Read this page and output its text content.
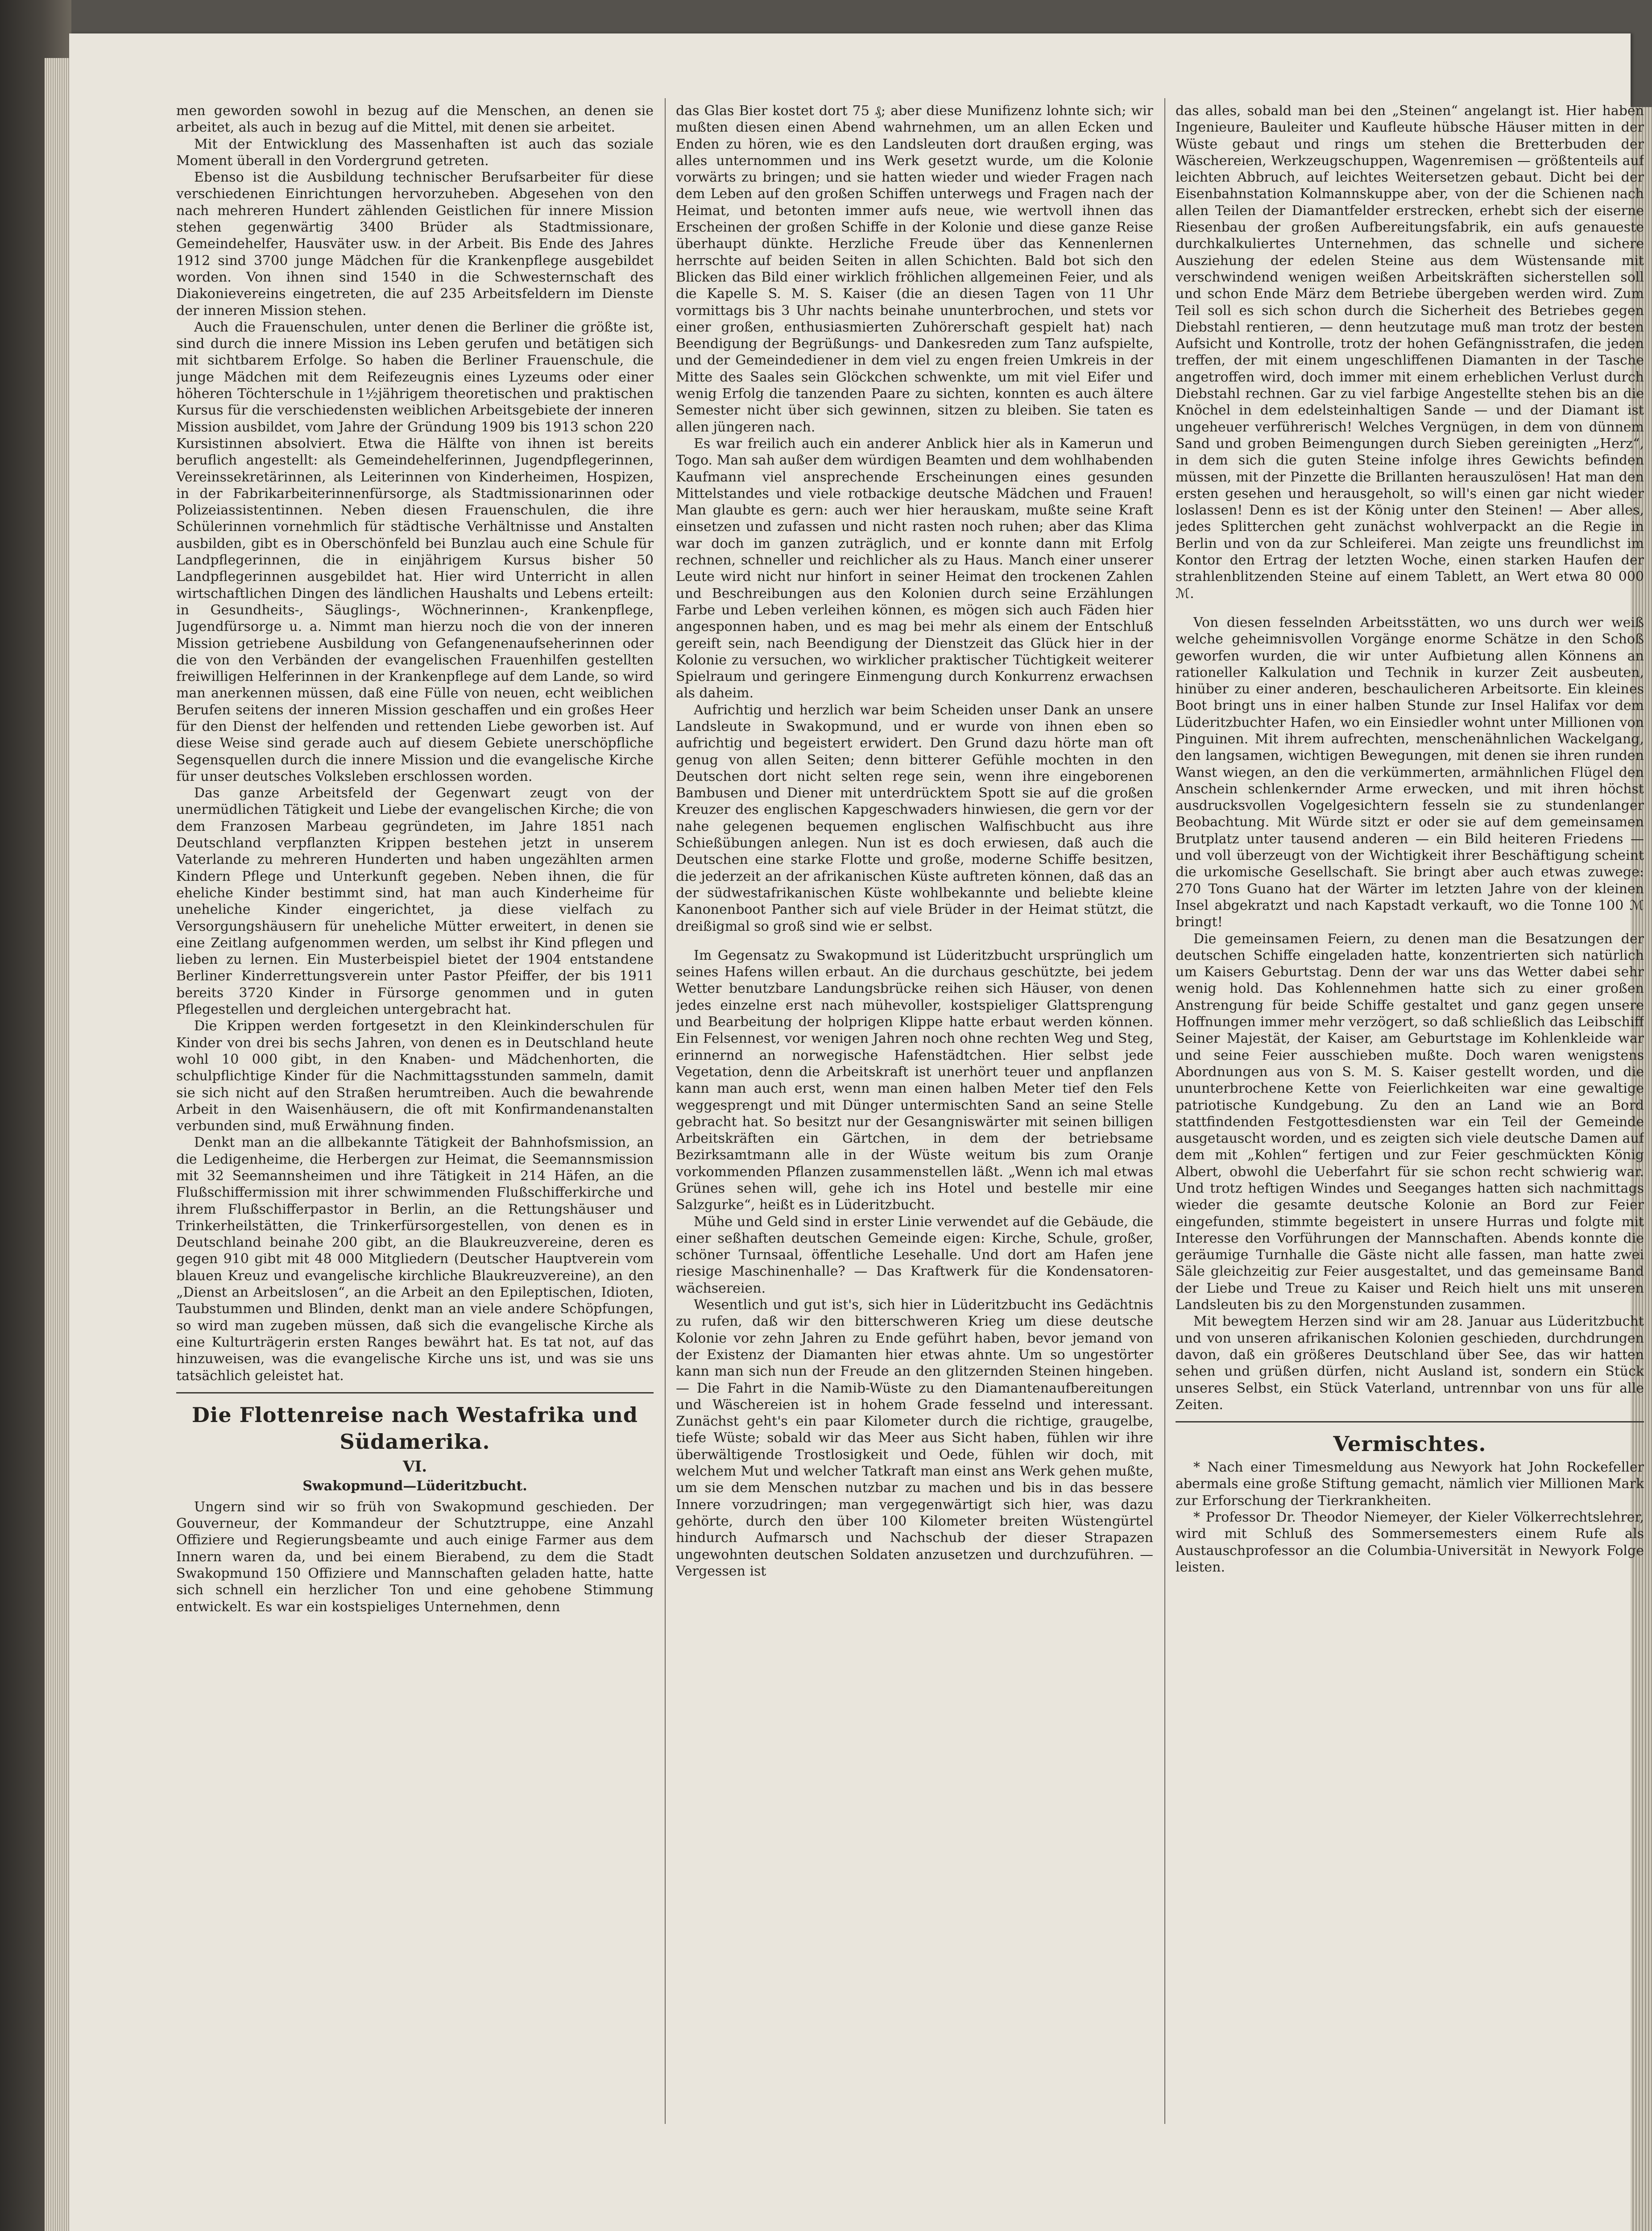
men geworden sowohl in bezug auf die Menschen, an denen sie arbeitet, als auch in bezug auf die Mittel, mit denen sie arbeitet.

Mit der Entwicklung des Massenhaften ist auch das soziale Moment überall in den Vordergrund getreten.

Ebenso ist die Ausbildung technischer Berufsarbeiter für diese verschiedenen Einrichtungen hervorzuheben. Abgesehen von den nach mehreren Hundert zählenden Geistlichen für innere Mission stehen gegenwärtig 3400 Brüder als Stadtmissionare, Gemeindehelfer, Hausväter usw. in der Arbeit. Bis Ende des Jahres 1912 sind 3700 junge Mädchen für die Krankenpflege ausgebildet worden. Von ihnen sind 1540 in die Schwesternschaft des Diakonievereins eingetreten, die auf 235 Arbeitsfeldern im Dienste der inneren Mission stehen.

Auch die Frauenschulen, unter denen die Berliner die größte ist, sind durch die innere Mission ins Leben gerufen und betätigen sich mit sichtbarem Erfolge. So haben die Berliner Frauenschule, die junge Mädchen mit dem Reifezeugnis eines Lyzeums oder einer höheren Töchterschule in 1½jährigem theoretischen und praktischen Kursus für die verschiedensten weiblichen Arbeitsgebiete der inneren Mission ausbildet, vom Jahre der Gründung 1909 bis 1913 schon 220 Kursistinnen absolviert. Etwa die Hälfte von ihnen ist bereits beruflich angestellt: als Gemeindehelferinnen, Jugendpflegerinnen, Vereinssekretärinnen, als Leiterinnen von Kinderheimen, Hospizen, in der Fabrikarbeiterinnenfürsorge, als Stadtmissionarinnen oder Polizeiassistentinnen. Neben diesen Frauenschulen, die ihre Schülerinnen vornehmlich für städtische Verhältnisse und Anstalten ausbilden, gibt es in Oberschönfeld bei Bunzlau auch eine Schule für Landpflegerinnen, die in einjährigem Kursus bisher 50 Landpflegerinnen ausgebildet hat. Hier wird Unterricht in allen wirtschaftlichen Dingen des ländlichen Haushalts und Lebens erteilt: in Gesundheits-, Säuglings-, Wöchnerinnen-, Krankenpflege, Jugendfürsorge u. a. Nimmt man hierzu noch die von der inneren Mission getriebene Ausbildung von Gefangenenaufseherinnen oder die von den Verbänden der evangelischen Frauenhilfen gestellten freiwilligen Helferinnen in der Krankenpflege auf dem Lande, so wird man anerkennen müssen, daß eine Fülle von neuen, echt weiblichen Berufen seitens der inneren Mission geschaffen und ein großes Heer für den Dienst der helfenden und rettenden Liebe geworben ist. Auf diese Weise sind gerade auch auf diesem Gebiete unerschöpfliche Segensquellen durch die innere Mission und die evangelische Kirche für unser deutsches Volksleben erschlossen worden.

Das ganze Arbeitsfeld der Gegenwart zeugt von der unermüdlichen Tätigkeit und Liebe der evangelischen Kirche; die von dem Franzosen Marbeau gegründeten, im Jahre 1851 nach Deutschland verpflanzten Krippen bestehen jetzt in unserem Vaterlande zu mehreren Hunderten und haben ungezählten armen Kindern Pflege und Unterkunft gegeben. Neben ihnen, die für eheliche Kinder bestimmt sind, hat man auch Kinderheime für uneheliche Kinder eingerichtet, ja diese vielfach zu Versorgungshäusern für uneheliche Mütter erweitert, in denen sie eine Zeitlang aufgenommen werden, um selbst ihr Kind pflegen und lieben zu lernen. Ein Musterbeispiel bietet der 1904 entstandene Berliner Kinderrettungsverein unter Pastor Pfeiffer, der bis 1911 bereits 3720 Kinder in Fürsorge genommen und in guten Pflegestellen und dergleichen untergebracht hat.

Die Krippen werden fortgesetzt in den Kleinkinderschulen für Kinder von drei bis sechs Jahren, von denen es in Deutschland heute wohl 10 000 gibt, in den Knaben- und Mädchenhorten, die schulpflichtige Kinder für die Nachmittagsstunden sammeln, damit sie sich nicht auf den Straßen herumtreiben. Auch die bewahrende Arbeit in den Waisenhäusern, die oft mit Konfirmandenanstalten verbunden sind, muß Erwähnung finden.

Denkt man an die allbekannte Tätigkeit der Bahnhofsmission, an die Ledigenheime, die Herbergen zur Heimat, die Seemannsmission mit 32 Seemannsheimen und ihre Tätigkeit in 214 Häfen, an die Flußschiffermission mit ihrer schwimmenden Flußschifferkirche und ihrem Flußschifferpastor in Berlin, an die Rettungshäuser und Trinkerheilstätten, die Trinkerfürsorgestellen, von denen es in Deutschland beinahe 200 gibt, an die Blaukreuzvereine, deren es gegen 910 gibt mit 48 000 Mitgliedern (Deutscher Hauptverein vom blauen Kreuz und evangelische kirchliche Blaukreuzvereine), an den „Dienst an Arbeitslosen“, an die Arbeit an den Epileptischen, Idioten, Taubstummen und Blinden, denkt man an viele andere Schöpfungen, so wird man zugeben müssen, daß sich die evangelische Kirche als eine Kulturträgerin ersten Ranges bewährt hat. Es tat not, auf das hinzuweisen, was die evangelische Kirche uns ist, und was sie uns tatsächlich geleistet hat.

Die Flottenreise nach Westafrika und Südamerika.
VI.
Swakopmund—Lüderitzbucht.

Ungern sind wir so früh von Swakopmund geschieden. Der Gouverneur, der Kommandeur der Schutztruppe, eine Anzahl Offiziere und Regierungsbeamte und auch einige Farmer aus dem Innern waren da, und bei einem Bierabend, zu dem die Stadt Swakopmund 150 Offiziere und Mannschaften geladen hatte, hatte sich schnell ein herzlicher Ton und eine gehobene Stimmung entwickelt. Es war ein kostspieliges Unternehmen, denn

das Glas Bier kostet dort 75 ₰; aber diese Munifizenz lohnte sich; wir mußten diesen einen Abend wahrnehmen, um an allen Ecken und Enden zu hören, wie es den Landsleuten dort draußen erging, was alles unternommen und ins Werk gesetzt wurde, um die Kolonie vorwärts zu bringen; und sie hatten wieder und wieder Fragen nach dem Leben auf den großen Schiffen unterwegs und Fragen nach der Heimat, und betonten immer aufs neue, wie wertvoll ihnen das Erscheinen der großen Schiffe in der Kolonie und diese ganze Reise überhaupt dünkte. Herzliche Freude über das Kennenlernen herrschte auf beiden Seiten in allen Schichten. Bald bot sich den Blicken das Bild einer wirklich fröhlichen allgemeinen Feier, und als die Kapelle S. M. S. Kaiser (die an diesen Tagen von 11 Uhr vormittags bis 3 Uhr nachts beinahe ununterbrochen, und stets vor einer großen, enthusiasmierten Zuhörerschaft gespielt hat) nach Beendigung der Begrüßungs- und Dankesreden zum Tanz aufspielte, und der Gemeindediener in dem viel zu engen freien Umkreis in der Mitte des Saales sein Glöckchen schwenkte, um mit viel Eifer und wenig Erfolg die tanzenden Paare zu sichten, konnten es auch ältere Semester nicht über sich gewinnen, sitzen zu bleiben. Sie taten es allen jüngeren nach.

Es war freilich auch ein anderer Anblick hier als in Kamerun und Togo. Man sah außer dem würdigen Beamten und dem wohlhabenden Kaufmann viel ansprechende Erscheinungen eines gesunden Mittelstandes und viele rotbackige deutsche Mädchen und Frauen! Man glaubte es gern: auch wer hier herauskam, mußte seine Kraft einsetzen und zufassen und nicht rasten noch ruhen; aber das Klima war doch im ganzen zuträglich, und er konnte dann mit Erfolg rechnen, schneller und reichlicher als zu Haus. Manch einer unserer Leute wird nicht nur hinfort in seiner Heimat den trockenen Zahlen und Beschreibungen aus den Kolonien durch seine Erzählungen Farbe und Leben verleihen können, es mögen sich auch Fäden hier angesponnen haben, und es mag bei mehr als einem der Entschluß gereift sein, nach Beendigung der Dienstzeit das Glück hier in der Kolonie zu versuchen, wo wirklicher praktischer Tüchtigkeit weiterer Spielraum und geringere Einmengung durch Konkurrenz erwachsen als daheim.

Aufrichtig und herzlich war beim Scheiden unser Dank an unsere Landsleute in Swakopmund, und er wurde von ihnen eben so aufrichtig und begeistert erwidert. Den Grund dazu hörte man oft genug von allen Seiten; denn bitterer Gefühle mochten in den Deutschen dort nicht selten rege sein, wenn ihre eingeborenen Bambusen und Diener mit unterdrücktem Spott sie auf die großen Kreuzer des englischen Kapgeschwaders hinwiesen, die gern vor der nahe gelegenen bequemen englischen Walfischbucht aus ihre Schießübungen anlegen. Nun ist es doch erwiesen, daß auch die Deutschen eine starke Flotte und große, moderne Schiffe besitzen, die jederzeit an der afrikanischen Küste auftreten können, daß das an der südwestafrikanischen Küste wohlbekannte und beliebte kleine Kanonenboot Panther sich auf viele Brüder in der Heimat stützt, die dreißigmal so groß sind wie er selbst.

Im Gegensatz zu Swakopmund ist Lüderitzbucht ursprünglich um seines Hafens willen erbaut. An die durchaus geschützte, bei jedem Wetter benutzbare Landungsbrücke reihen sich Häuser, von denen jedes einzelne erst nach mühevoller, kostspieliger Glattsprengung und Bearbeitung der holprigen Klippe hatte erbaut werden können. Ein Felsennest, vor wenigen Jahren noch ohne rechten Weg und Steg, erinnernd an norwegische Hafenstädtchen. Hier selbst jede Vegetation, denn die Arbeitskraft ist unerhört teuer und anpflanzen kann man auch erst, wenn man einen halben Meter tief den Fels weggesprengt und mit Dünger untermischten Sand an seine Stelle gebracht hat. So besitzt nur der Gesangniswärter mit seinen billigen Arbeitskräften ein Gärtchen, in dem der betriebsame Bezirksamtmann alle in der Wüste weitum bis zum Oranje vorkommenden Pflanzen zusammenstellen läßt. „Wenn ich mal etwas Grünes sehen will, gehe ich ins Hotel und bestelle mir eine Salzgurke“, heißt es in Lüderitzbucht.

Mühe und Geld sind in erster Linie verwendet auf die Gebäude, die einer seßhaften deutschen Gemeinde eigen: Kirche, Schule, großer, schöner Turnsaal, öffentliche Lesehalle. Und dort am Hafen jene riesige Maschinenhalle? — Das Kraftwerk für die Kondensatorenwächsereien.

Wesentlich und gut ist's, sich hier in Lüderitzbucht ins Gedächtnis zu rufen, daß wir den bitterschweren Krieg um diese deutsche Kolonie vor zehn Jahren zu Ende geführt haben, bevor jemand von der Existenz der Diamanten hier etwas ahnte. Um so ungestörter kann man sich nun der Freude an den glitzernden Steinen hingeben. — Die Fahrt in die Namib-Wüste zu den Diamantenaufbereitungen und Wäschereien ist in hohem Grade fesselnd und interessant. Zunächst geht's ein paar Kilometer durch die richtige, graugelbe, tiefe Wüste; sobald wir das Meer aus Sicht haben, fühlen wir ihre überwältigende Trostlosigkeit und Oede, fühlen wir doch, mit welchem Mut und welcher Tatkraft man einst ans Werk gehen mußte, um sie dem Menschen nutzbar zu machen und bis in das bessere Innere vorzudringen; man vergegenwärtigt sich hier, was dazu gehörte, durch den über 100 Kilometer breiten Wüstengürtel hindurch Aufmarsch und Nachschub der dieser Strapazen ungewohnten deutschen Soldaten anzusetzen und durchzuführen. — Vergessen ist

das alles, sobald man bei den „Steinen“ angelangt ist. Hier haben Ingenieure, Bauleiter und Kaufleute hübsche Häuser mitten in der Wüste gebaut und rings um stehen die Bretterbuden der Wäschereien, Werkzeugschuppen, Wagenremisen — größtenteils auf leichten Abbruch, auf leichtes Weitersetzen gebaut. Dicht bei der Eisenbahnstation Kolmannskuppe aber, von der die Schienen nach allen Teilen der Diamantfelder erstrecken, erhebt sich der eiserne Riesenbau der großen Aufbereitungsfabrik, ein aufs genaueste durchkalkuliertes Unternehmen, das schnelle und sichere Ausziehung der edelen Steine aus dem Wüstensande mit verschwindend wenigen weißen Arbeitskräften sicherstellen soll und schon Ende März dem Betriebe übergeben werden wird. Zum Teil soll es sich schon durch die Sicherheit des Betriebes gegen Diebstahl rentieren, — denn heutzutage muß man trotz der besten Aufsicht und Kontrolle, trotz der hohen Gefängnisstrafen, die jeden treffen, der mit einem ungeschliffenen Diamanten in der Tasche angetroffen wird, doch immer mit einem erheblichen Verlust durch Diebstahl rechnen. Gar zu viel farbige Angestellte stehen bis an die Knöchel in dem edelsteinhaltigen Sande — und der Diamant ist ungeheuer verführerisch! Welches Vergnügen, in dem von dünnem Sand und groben Beimengungen durch Sieben gereinigten „Herz“, in dem sich die guten Steine infolge ihres Gewichts befinden müssen, mit der Pinzette die Brillanten herauszulösen! Hat man den ersten gesehen und herausgeholt, so will's einen gar nicht wieder loslassen! Denn es ist der König unter den Steinen! — Aber alles, jedes Splitterchen geht zunächst wohlverpackt an die Regie in Berlin und von da zur Schleiferei. Man zeigte uns freundlichst im Kontor den Ertrag der letzten Woche, einen starken Haufen der strahlenblitzenden Steine auf einem Tablett, an Wert etwa 80 000 ℳ.

Von diesen fesselnden Arbeitsstätten, wo uns durch wer weiß welche geheimnisvollen Vorgänge enorme Schätze in den Schoß geworfen wurden, die wir unter Aufbietung allen Könnens an rationeller Kalkulation und Technik in kurzer Zeit ausbeuten, hinüber zu einer anderen, beschaulicheren Arbeitsorte. Ein kleines Boot bringt uns in einer halben Stunde zur Insel Halifax vor dem Lüderitzbuchter Hafen, wo ein Einsiedler wohnt unter Millionen von Pinguinen. Mit ihrem aufrechten, menschenähnlichen Wackelgang, den langsamen, wichtigen Bewegungen, mit denen sie ihren runden Wanst wiegen, an den die verkümmerten, armähnlichen Flügel den Anschein schlenkernder Arme erwecken, und mit ihren höchst ausdrucksvollen Vogelgesichtern fesseln sie zu stundenlanger Beobachtung. Mit Würde sitzt er oder sie auf dem gemeinsamen Brutplatz unter tausend anderen — ein Bild heiteren Friedens — und voll überzeugt von der Wichtigkeit ihrer Beschäftigung scheint die urkomische Gesellschaft. Sie bringt aber auch etwas zuwege: 270 Tons Guano hat der Wärter im letzten Jahre von der kleinen Insel abgekratzt und nach Kapstadt verkauft, wo die Tonne 100 ℳ bringt!

Die gemeinsamen Feiern, zu denen man die Besatzungen der deutschen Schiffe eingeladen hatte, konzentrierten sich natürlich um Kaisers Geburtstag. Denn der war uns das Wetter dabei sehr wenig hold. Das Kohlennehmen hatte sich zu einer großen Anstrengung für beide Schiffe gestaltet und ganz gegen unsere Hoffnungen immer mehr verzögert, so daß schließlich das Leibschiff Seiner Majestät, der Kaiser, am Geburtstage im Kohlenkleide war und seine Feier ausschieben mußte. Doch waren wenigstens Abordnungen aus von S. M. S. Kaiser gestellt worden, und die ununterbrochene Kette von Feierlichkeiten war eine gewaltige patriotische Kundgebung. Zu den an Land wie an Bord stattfindenden Festgottesdiensten war ein Teil der Gemeinde ausgetauscht worden, und es zeigten sich viele deutsche Damen auf dem mit „Kohlen“ fertigen und zur Feier geschmückten König Albert, obwohl die Ueberfahrt für sie schon recht schwierig war. Und trotz heftigen Windes und Seeganges hatten sich nachmittags wieder die gesamte deutsche Kolonie an Bord zur Feier eingefunden, stimmte begeistert in unsere Hurras und folgte mit Interesse den Vorführungen der Mannschaften. Abends konnte die geräumige Turnhalle die Gäste nicht alle fassen, man hatte zwei Säle gleichzeitig zur Feier ausgestaltet, und das gemeinsame Band der Liebe und Treue zu Kaiser und Reich hielt uns mit unseren Landsleuten bis zu den Morgenstunden zusammen.

Mit bewegtem Herzen sind wir am 28. Januar aus Lüderitzbucht und von unseren afrikanischen Kolonien geschieden, durchdrungen davon, daß ein größeres Deutschland über See, das wir hatten sehen und grüßen dürfen, nicht Ausland ist, sondern ein Stück unseres Selbst, ein Stück Vaterland, untrennbar von uns für alle Zeiten.

Vermischtes.

* Nach einer Timesmeldung aus Newyork hat John Rockefeller abermals eine große Stiftung gemacht, nämlich vier Millionen Mark zur Erforschung der Tierkrankheiten.

* Professor Dr. Theodor Niemeyer, der Kieler Völkerrechtslehrer, wird mit Schluß des Sommersemesters einem Rufe als Austauschprofessor an die Columbia-Universität in Newyork Folge leisten.
